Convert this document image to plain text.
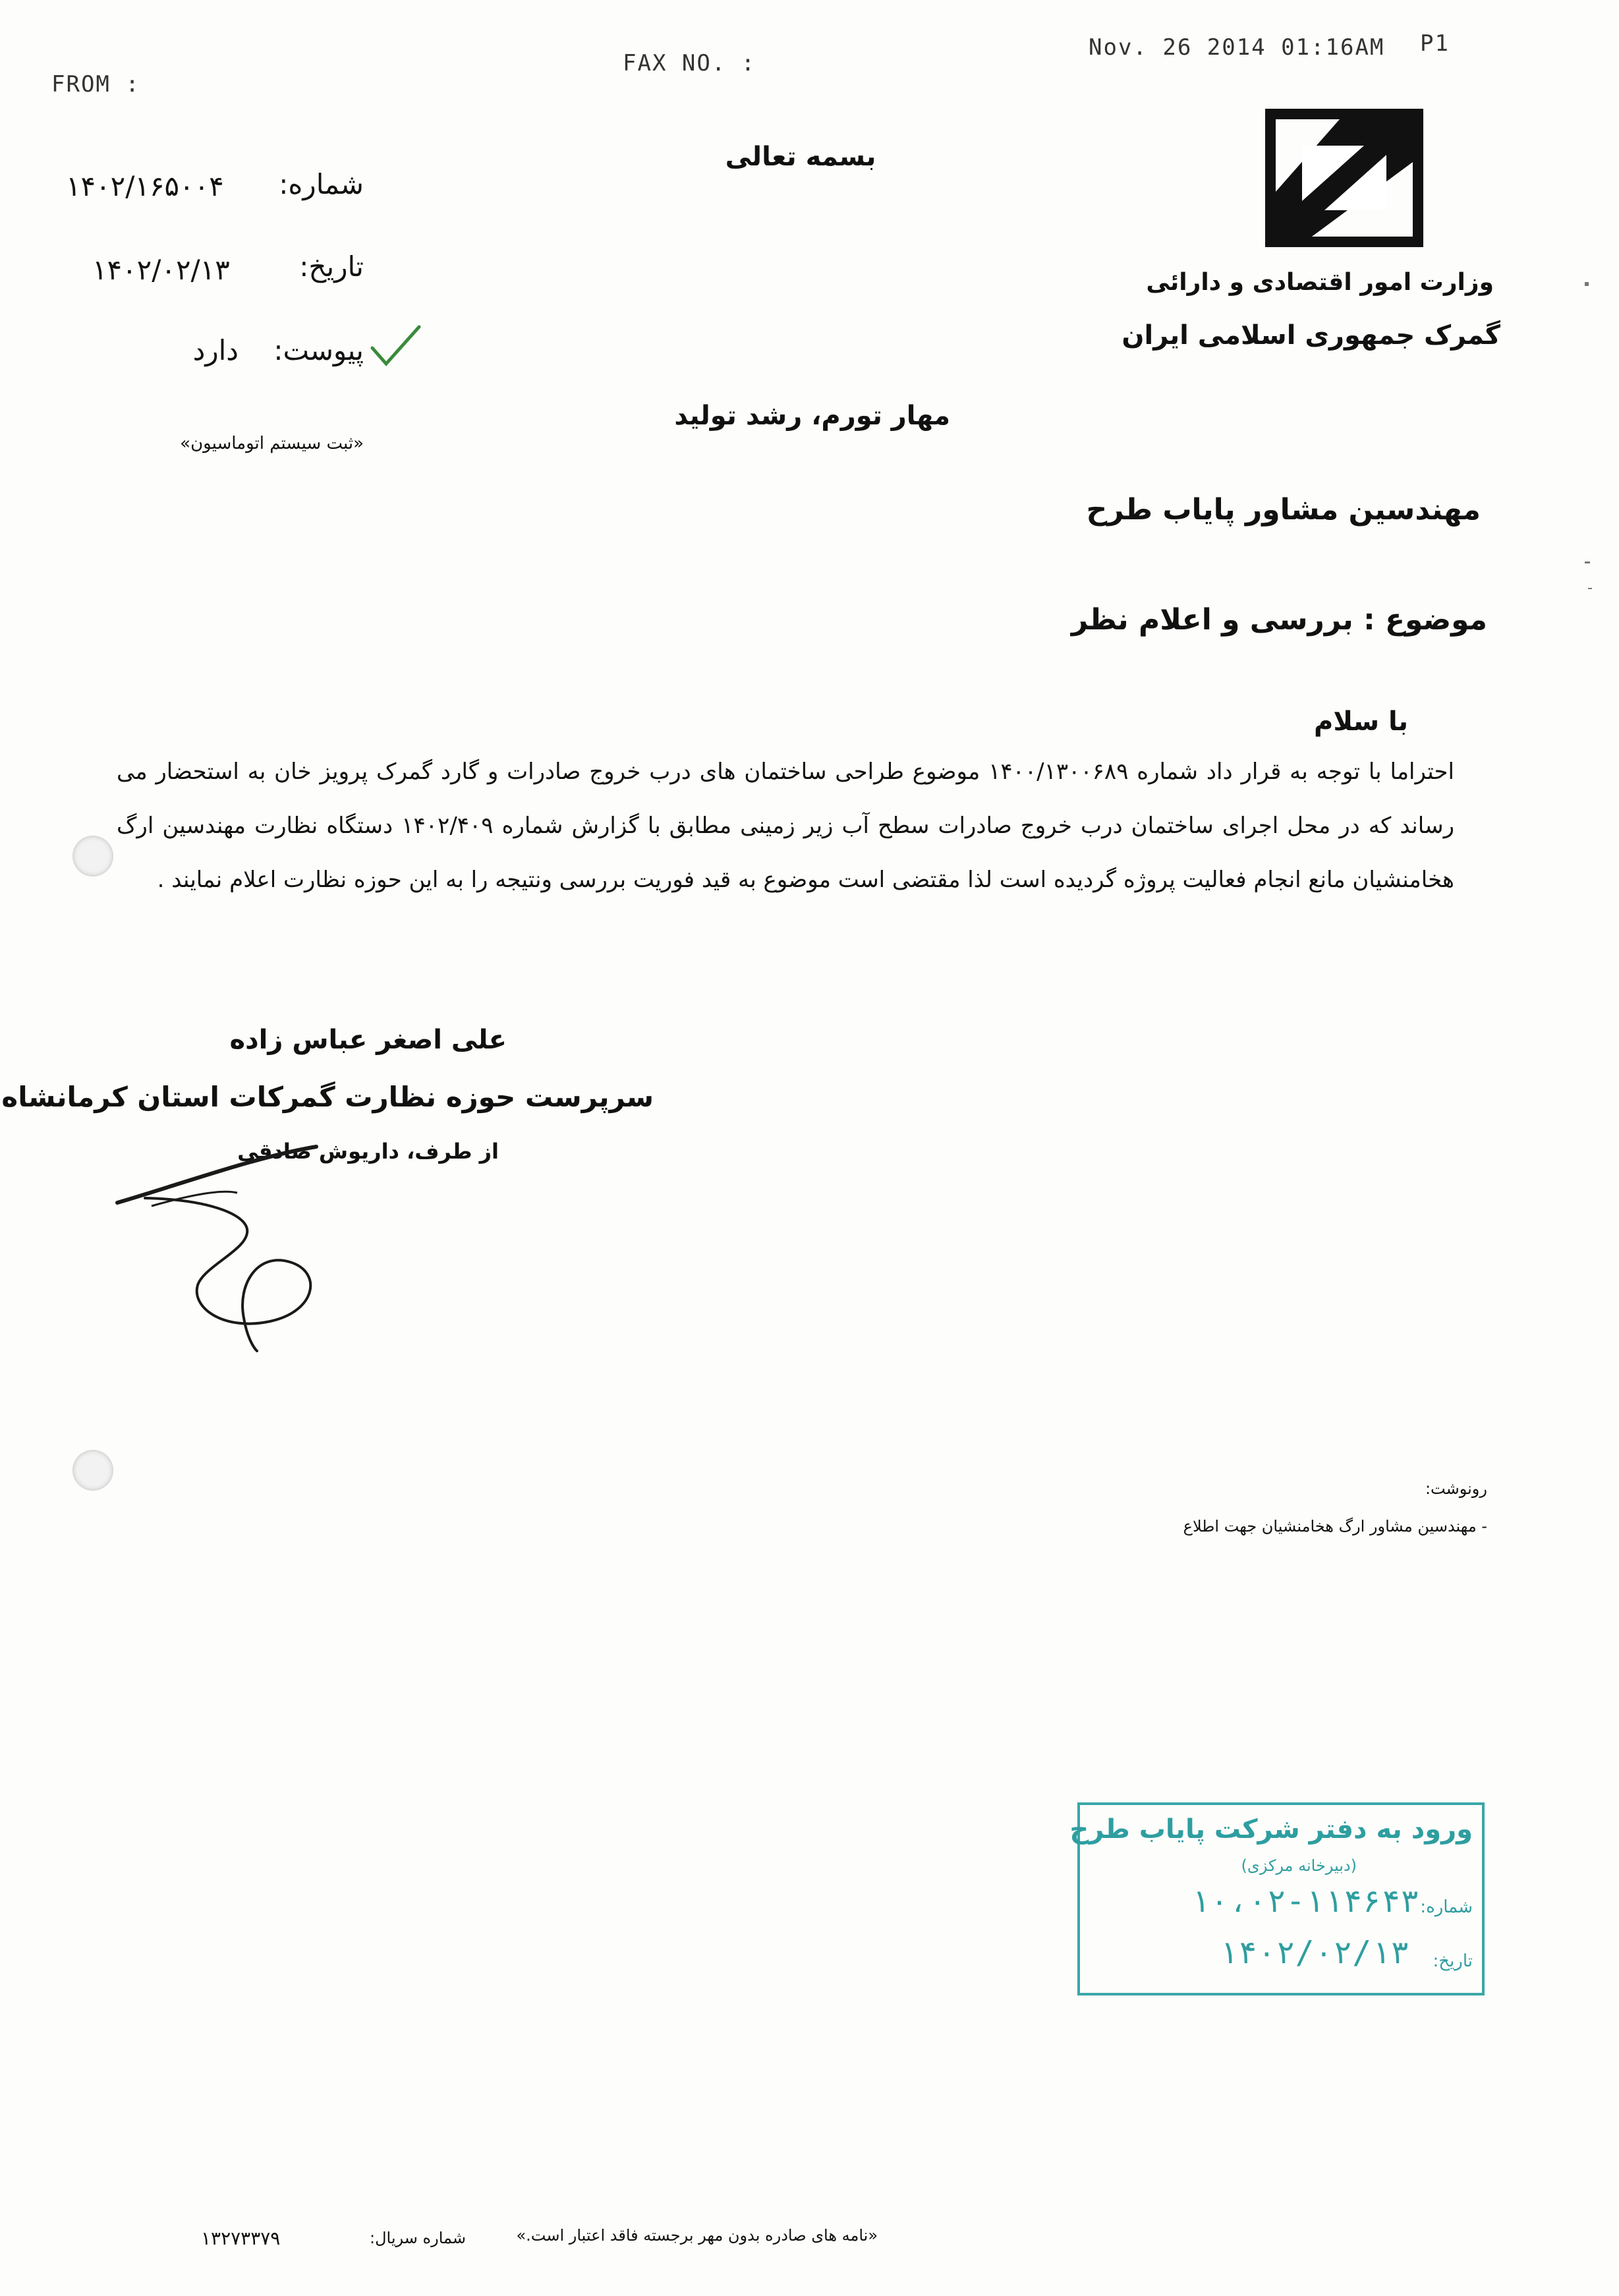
FROM :
FAX NO. :
Nov. 26 2014 01:16AM P1
بسمه تعالی
وزارت امور اقتصادی و دارائی
گمرک جمهوری اسلامی ایران
شماره:
۱۴۰۲/۱۶۵۰۰۴
تاریخ:
۱۴۰۲/۰۲/۱۳
پیوست:
دارد
«ثبت سیستم اتوماسیون»
مهار تورم، رشد تولید
مهندسین مشاور پایاب طرح
موضوع : بررسی و اعلام نظر
با سلام
احتراما با توجه به قرار داد شماره ۱۴۰۰/۱۳۰۰۶۸۹ موضوع طراحی ساختمان های درب خروج صادرات و گارد گمرک پرویز خان به استحضار می رساند که در محل اجرای ساختمان درب خروج صادرات سطح آب زیر زمینی مطابق با گزارش شماره ۱۴۰۲/۴۰۹ دستگاه نظارت مهندسین ارگ هخامنشیان مانع انجام فعالیت پروژه گردیده است لذا مقتضی است موضوع به قید فوریت بررسی ونتیجه را به این حوزه نظارت اعلام نمایند .
علی اصغر عباس زاده
سرپرست حوزه نظارت گمرکات استان کرمانشاه
از طرف، داریوش صادقی
رونوشت:
- مهندسین مشاور ارگ هخامنشیان جهت اطلاع
ورود به دفتر شرکت پایاب طرح
(دبیرخانه مرکزی)
شماره:
۱۰،۰۲-۱۱۴۶۴۳
تاریخ:
۱۴۰۲/۰۲/۱۳
«نامه های صادره بدون مهر برجسته فاقد اعتبار است.»
شماره سریال:
۱۳۲۷۳۳۷۹
